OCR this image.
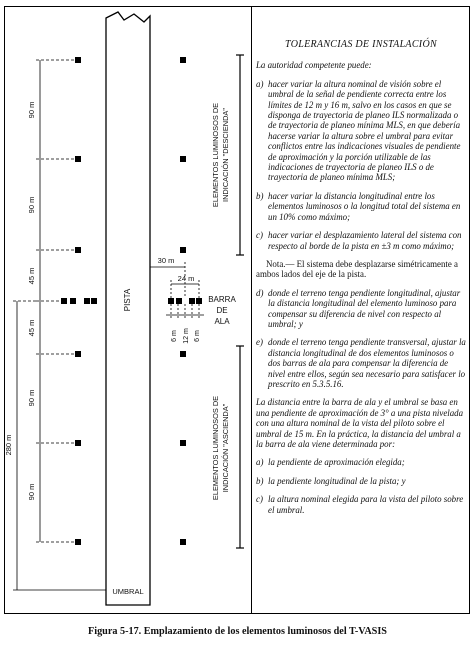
PISTA
UMBRAL
90 m
90 m
45 m
45 m
90 m
90 m
280 m
30 m
24 m
6 m 12 m 6 m
BARRA
DE
ALA
ELEMENTOS LUMINOSOS DE INDICACIÓN "DESCIENDA"
ELEMENTOS LUMINOSOS DE INDICACIÓN "ASCIENDA"

TOLERANCIAS DE INSTALACIÓN

La autoridad competente puede:

a) hacer variar la altura nominal de visión sobre el umbral de la señal de pendiente correcta entre los límites de 12 m y 16 m, salvo en los casos en que se disponga de trayectoria de planeo ILS normalizada o de trayectoria de planeo mínima MLS, en que debería hacerse variar la altura sobre el umbral para evitar conflictos entre las indicaciones visuales de pendiente de aproximación y la porción utilizable de las indicaciones de trayectoria de planeo ILS o de trayectoria de planeo mínima MLS;

b) hacer variar la distancia longitudinal entre los elementos luminosos o la longitud total del sistema en un 10% como máximo;

c) hacer variar el desplazamiento lateral del sistema con respecto al borde de la pista en ±3 m como máximo;

Nota.— El sistema debe desplazarse simétricamente a ambos lados del eje de la pista.

d) donde el terreno tenga pendiente longitudinal, ajustar la distancia longitudinal del elemento luminoso para compensar su diferencia de nivel con respecto al umbral; y

e) donde el terreno tenga pendiente transversal, ajustar la distancia longitudinal de dos elementos luminosos o dos barras de ala para compensar la diferencia de nivel entre ellos, según sea necesario para satisfacer lo prescrito en 5.3.5.16.

La distancia entre la barra de ala y el umbral se basa en una pendiente de aproximación de 3° a una pista nivelada con una altura nominal de la vista del piloto sobre el umbral de 15 m. En la práctica, la distancia del umbral a la barra de ala viene determinada por:

a) la pendiente de aproximación elegida;

b) la pendiente longitudinal de la pista; y

c) la altura nominal elegida para la vista del piloto sobre el umbral.
Figura 5-17. Emplazamiento de los elementos luminosos del T-VASIS
